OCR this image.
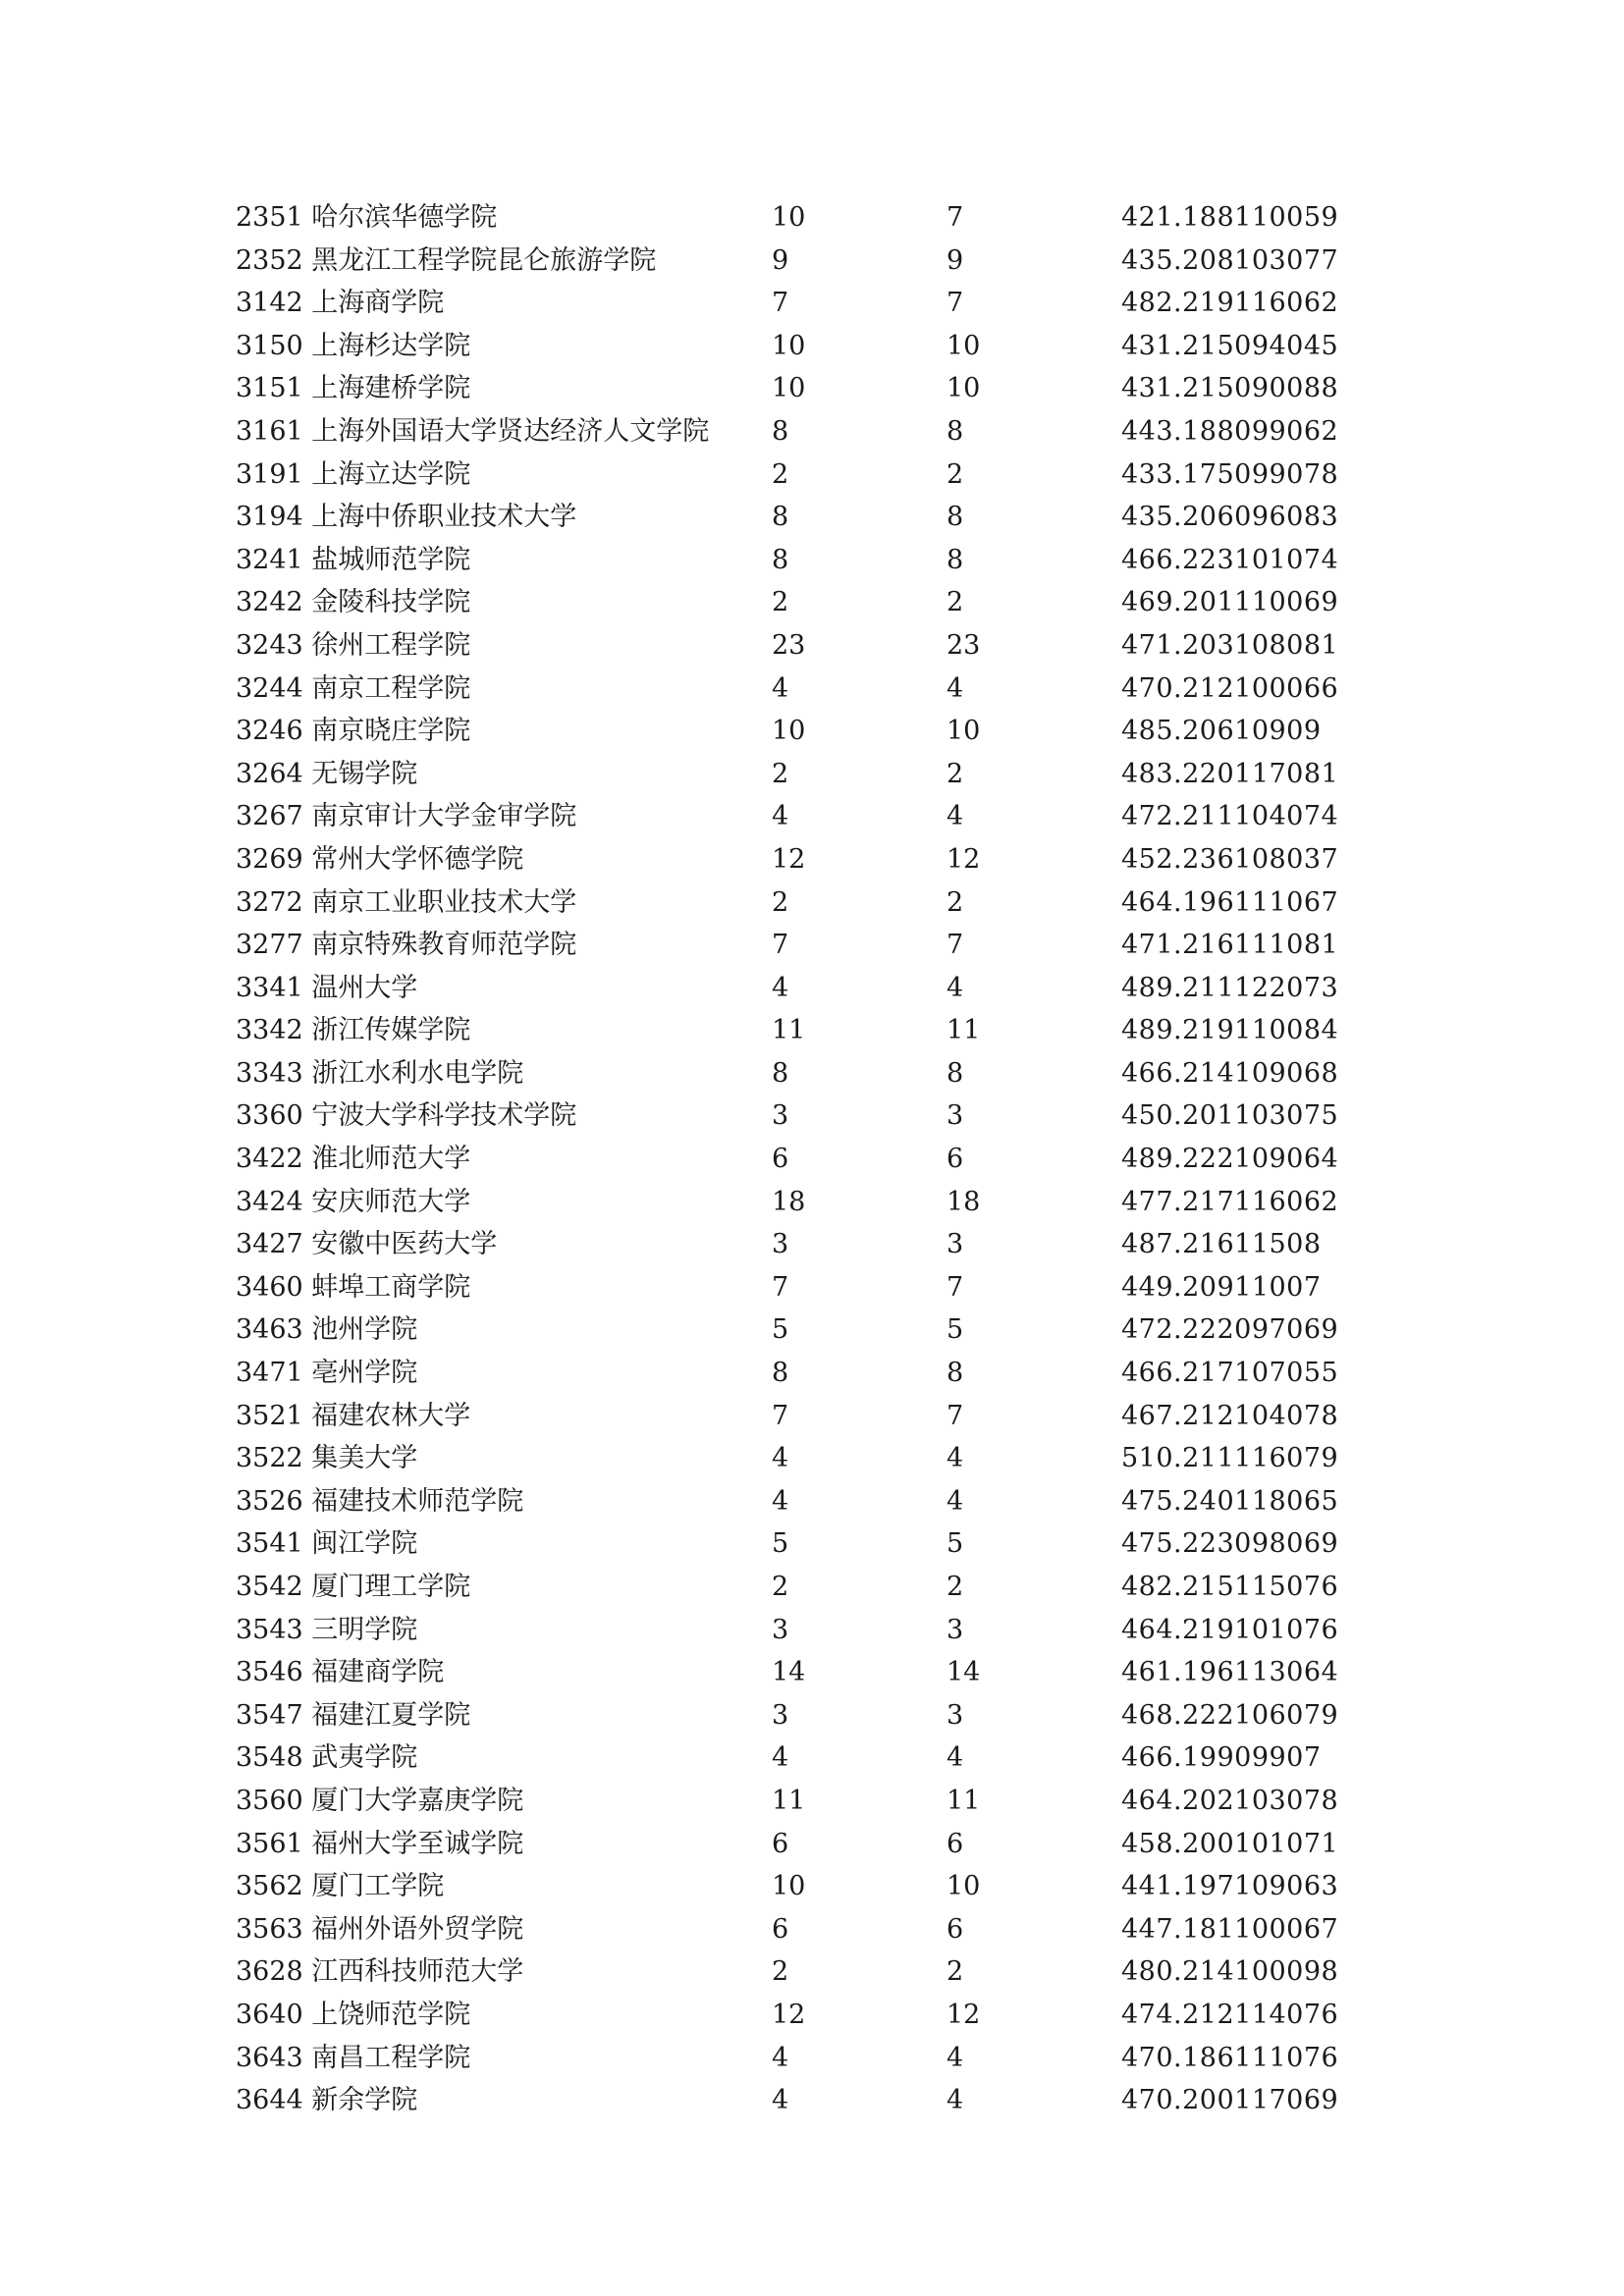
2351 哈尔滨华德学院	10	7	421.188110059
2352 黑龙江工程学院昆仑旅游学院	9	9	435.208103077
3142 上海商学院	7	7	482.219116062
3150 上海杉达学院	10	10	431.215094045
3151 上海建桥学院	10	10	431.215090088
3161 上海外国语大学贤达经济人文学院 8	8	443.188099062
3191 上海立达学院	2	2	433.175099078
3194 上海中侨职业技术大学	8	8	435.206096083
3241 盐城师范学院	8	8	466.223101074
3242 金陵科技学院	2	2	469.201110069
3243 徐州工程学院	23	23	471.203108081
3244 南京工程学院	4	4	470.212100066
3246 南京晓庄学院	10	10	485.20610909
3264 无锡学院	2	2	483.220117081
3267 南京审计大学金审学院	4	4	472.211104074
3269 常州大学怀德学院	12	12	452.236108037
3272 南京工业职业技术大学	2	2	464.196111067
3277 南京特殊教育师范学院	7	7	471.216111081
3341 温州大学	4	4	489.211122073
3342 浙江传媒学院	11	11	489.219110084
3343 浙江水利水电学院	8	8	466.214109068
3360 宁波大学科学技术学院	3	3	450.201103075
3422 淮北师范大学	6	6	489.222109064
3424 安庆师范大学	18	18	477.217116062
3427 安徽中医药大学	3	3	487.21611508
3460 蚌埠工商学院	7	7	449.20911007
3463 池州学院	5	5	472.222097069
3471 亳州学院	8	8	466.217107055
3521 福建农林大学	7	7	467.212104078
3522 集美大学	4	4	510.211116079
3526 福建技术师范学院	4	4	475.240118065
3541 闽江学院	5	5	475.223098069
3542 厦门理工学院	2	2	482.215115076
3543 三明学院	3	3	464.219101076
3546 福建商学院	14	14	461.196113064
3547 福建江夏学院	3	3	468.222106079
3548 武夷学院	4	4	466.19909907
3560 厦门大学嘉庚学院	11	11	464.202103078
3561 福州大学至诚学院	6	6	458.200101071
3562 厦门工学院	10	10	441.197109063
3563 福州外语外贸学院	6	6	447.181100067
3628 江西科技师范大学	2	2	480.214100098
3640 上饶师范学院	12	12	474.212114076
3643 南昌工程学院	4	4	470.186111076
3644 新余学院	4	4	470.200117069
